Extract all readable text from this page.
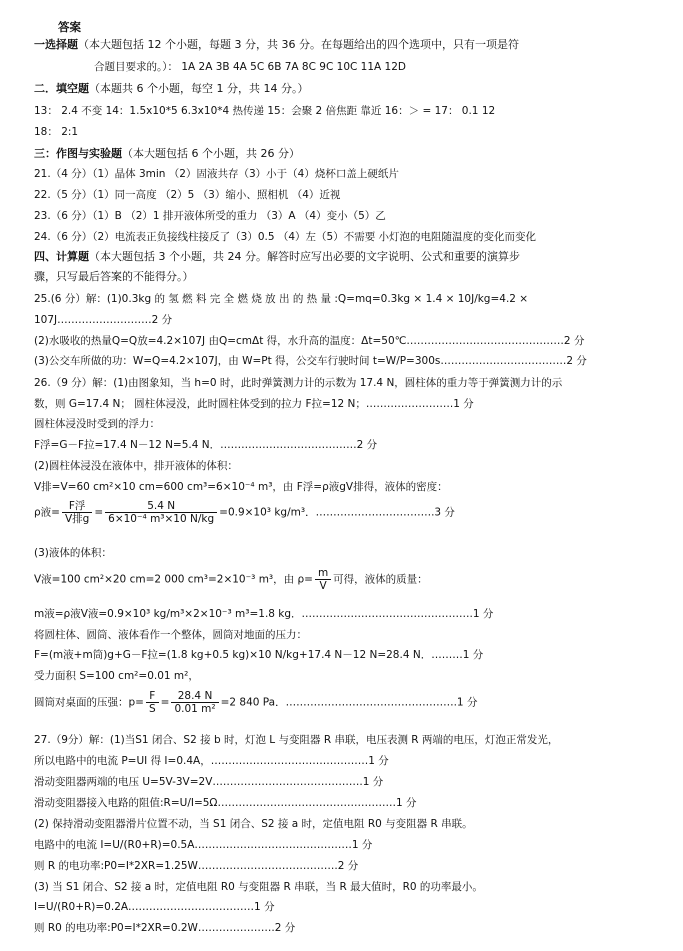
答案
一选择题（本大题包括 12 个小题，每题 3 分，共 36 分。在每题给出的四个选项中，只有一项是符
合题目要求的。）： 1A 2A 3B 4A 5C 6B 7A 8C 9C 10C 11A 12D
二．填空题（本题共 6 个小题，每空 1 分，共 14 分。）
13： 2.4 不变 14：1.5x10*5 6.3x10*4 热传递 15：会聚 2 倍焦距 靠近 16：＞ = 17： 0.1 12
18： 2:1
三：作图与实验题（本大题包括 6 个小题，共 26 分）
21.（4 分）（1）晶体 3min （2）固液共存（3）小于（4）烧杯口盖上硬纸片
22.（5 分）（1）同一高度 （2）5 （3）缩小、照相机 （4）近视
23.（6 分）（1）B （2）1 排开液体所受的重力 （3）A （4）变小（5）乙
24.（6 分）（2）电流表正负接线柱接反了（3）0.5 （4）左（5）不需要 小灯泡的电阻随温度的变化而变化
四、计算题（本大题包括 3 个小题，共 24 分。解答时应写出必要的文字说明、公式和重要的演算步
骤，只写最后答案的不能得分。）
25.(6 分）解：(1)0.3kg 的 氢 燃 料 完 全 燃 烧 放 出 的 热 量 :Q=mq=0.3kg × 1.4 × 10J/kg=4.2 ×
107J………………………2 分
(2)水吸收的热量Q=Q放=4.2×107J 由Q=cmΔt 得，水升高的温度：Δt=50℃………………………………………2 分
(3)公交车所做的功：W=Q=4.2×107J，由 W=Pt 得，公交车行驶时间 t=W/P=300s………………………………2 分
26.（9 分）解：(1)由图象知，当 h=0 时，此时弹簧测力计的示数为 17.4 N，圆柱体的重力等于弹簧测力计的示
数，则 G=17.4 N； 圆柱体浸没，此时圆柱体受到的拉力 F拉=12 N；…………………….1 分
圆柱体浸没时受到的浮力：
F浮=G－F拉=17.4 N－12 N=5.4 N．…………………………………2 分
(2)圆柱体浸没在液体中，排开液体的体积：
V排=V=60 cm²×10 cm=600 cm³=6×10⁻⁴ m³，由 F浮=ρ液gV排得，液体的密度：
ρ液= $\frac{\text{F浮}}{\text{V排g}} = \frac{5.4 N}{\text{6×10⁻⁴ m³×10 N/kg}} =0.9\times 10^3$ kg/m³．…………………………….3 分
(3)液体的体积：
V液=100 cm²×20 cm=2 000 cm³=2×10⁻³ m³，由 $\rho= \frac{m}{V}$ 可得，液体的质量：
m液=ρ液V液=0.9×10³ kg/m³×2×10⁻³ m³=1.8 kg．………………………………………….1 分
将圆柱体、圆筒、液体看作一个整体，圆筒对地面的压力：
F=(m液+m筒)g+G－F拉=(1.8 kg+0.5 kg)×10 N/kg+17.4 N－12 N=28.4 N．………1 分
受力面积 S=100 cm²=0.01 m²，
圆筒对桌面的压强：$p= \frac{F}{S} = \frac{28.4 N}{\text{0.01 m²}} =2$ 840 Pa．………………………………………….1 分
27.（9分）解：(1)当S1 闭合、S2 接 b 时，灯泡 L 与变阻器 R 串联，电压表测 R 两端的电压，灯泡正常发光，
所以电路中的电流 P=UI 得 I=0.4A，………………………………………1 分
滑动变阻器两端的电压 U=5V-3V=2V…………………………………….1 分
滑动变阻器接入电路的阻值:R=U/I=5Ω……………………………………………1 分
(2) 保持滑动变阻器滑片位置不动，当 S1 闭合、S2 接 a 时，定值电阻 R0 与变阻器 R 串联。
电路中的电流 I=U/(R0+R)=0.5A………………………………………1 分
则 R 的电功率:P0=I*2XR=1.25W………………………………….2 分
(3) 当 S1 闭合、S2 接 a 时，定值电阻 R0 与变阻器 R 串联，当 R 最大值时，R0 的功率最小。
I=U/(R0+R)=0.2A………………………………1 分
则 R0 的电功率:P0=I*2XR=0.2W………………….2 分
